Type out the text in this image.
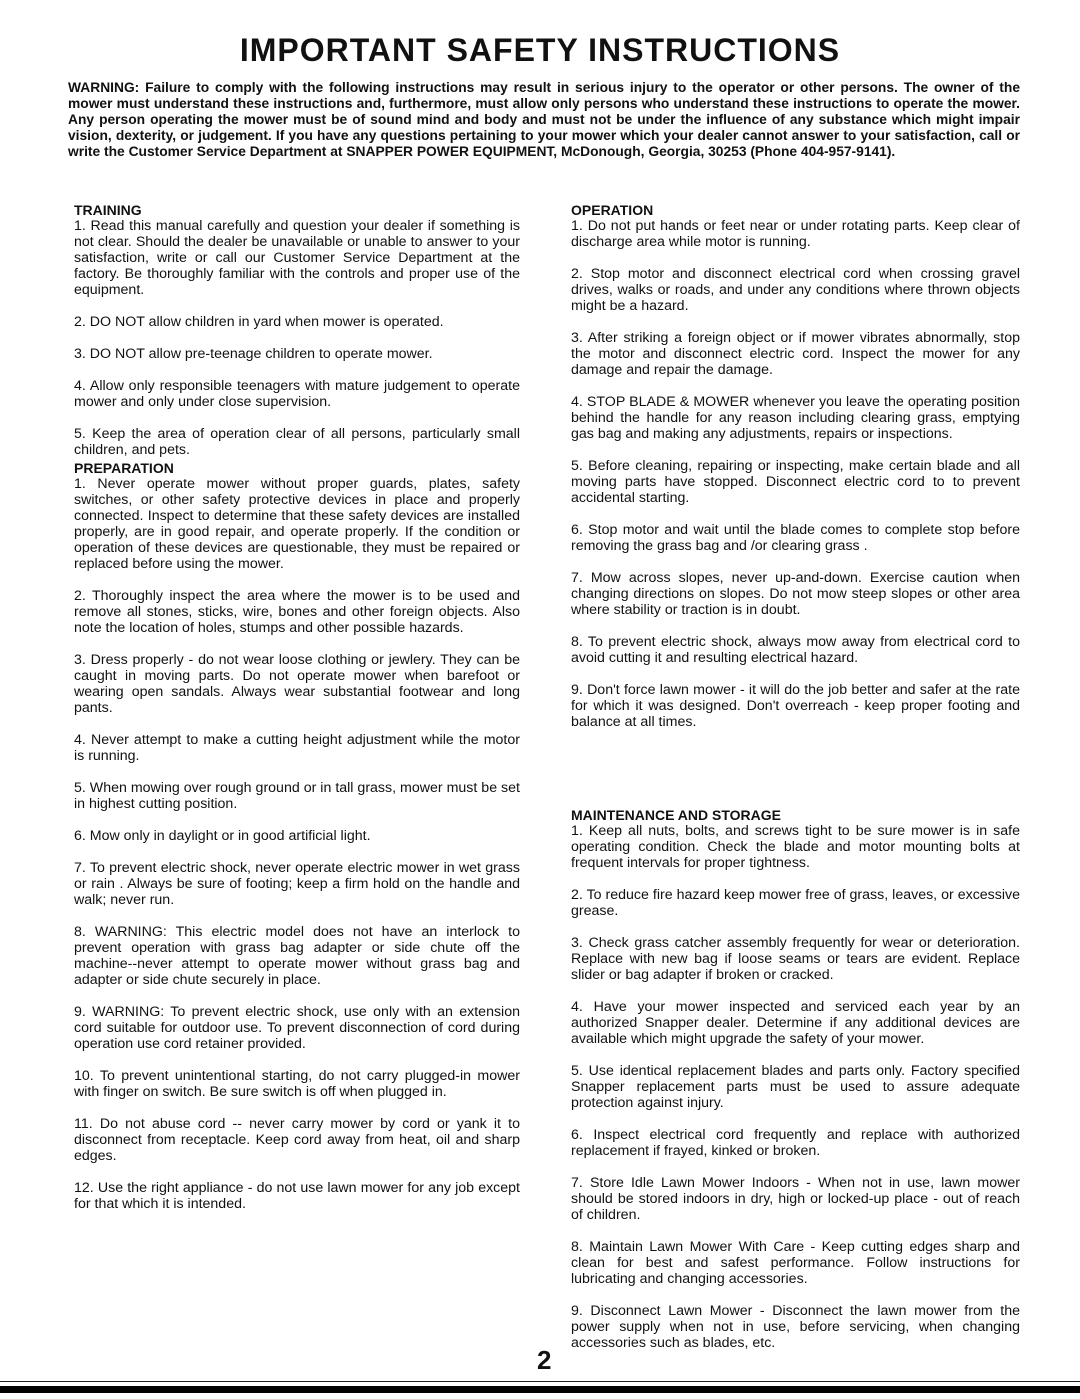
IMPORTANT SAFETY INSTRUCTIONS

WARNING: Failure to comply with the following instructions may result in serious injury to the operator or other persons. The owner of the mower must understand these instructions and, furthermore, must allow only persons who understand these instructions to operate the mower. Any person operating the mower must be of sound mind and body and must not be under the influence of any substance which might impair vision, dexterity, or judgement. If you have any questions pertaining to your mower which your dealer cannot answer to your satisfaction, call or write the Customer Service Department at SNAPPER POWER EQUIPMENT, McDonough, Georgia, 30253 (Phone 404-957-9141).

TRAINING

1. Read this manual carefully and question your dealer if something is not clear. Should the dealer be unavailable or unable to answer to your satisfaction, write or call our Customer Service Department at the factory. Be thoroughly familiar with the controls and proper use of the equipment.

2. DO NOT allow children in yard when mower is operated.

3. DO NOT allow pre-teenage children to operate mower.

4. Allow only responsible teenagers with mature judgement to operate mower and only under close supervision.

5. Keep the area of operation clear of all persons, particularly small children, and pets.

PREPARATION

1. Never operate mower without proper guards, plates, safety switches, or other safety protective devices in place and properly connected. Inspect to determine that these safety devices are installed properly, are in good repair, and operate properly. If the condition or operation of these devices are questionable, they must be repaired or replaced before using the mower.

2. Thoroughly inspect the area where the mower is to be used and remove all stones, sticks, wire, bones and other foreign objects. Also note the location of holes, stumps and other possible hazards.

3. Dress properly - do not wear loose clothing or jewlery. They can be caught in moving parts. Do not operate mower when barefoot or wearing open sandals. Always wear substantial footwear and long pants.

4. Never attempt to make a cutting height adjustment while the motor is running.

5. When mowing over rough ground or in tall grass, mower must be set in highest cutting position.

6. Mow only in daylight or in good artificial light.

7. To prevent electric shock, never operate electric mower in wet grass or rain . Always be sure of footing; keep a firm hold on the handle and walk; never run.

8. WARNING: This electric model does not have an interlock to prevent operation with grass bag adapter or side chute off the machine--never attempt to operate mower without grass bag and adapter or side chute securely in place.

9. WARNING: To prevent electric shock, use only with an extension cord suitable for outdoor use. To prevent disconnection of cord during operation use cord retainer provided.

10. To prevent unintentional starting, do not carry plugged-in mower with finger on switch. Be sure switch is off when plugged in.

11. Do not abuse cord -- never carry mower by cord or yank it to disconnect from receptacle. Keep cord away from heat, oil and sharp edges.

12. Use the right appliance - do not use lawn mower for any job except for that which it is intended.

OPERATION

1. Do not put hands or feet near or under rotating parts. Keep clear of discharge area while motor is running.

2. Stop motor and disconnect electrical cord when crossing gravel drives, walks or roads, and under any conditions where thrown objects might be a hazard.

3. After striking a foreign object or if mower vibrates abnormally, stop the motor and disconnect electric cord. Inspect the mower for any damage and repair the damage.

4. STOP BLADE & MOWER whenever you leave the operating position behind the handle for any reason including clearing grass, emptying gas bag and making any adjustments, repairs or inspections.

5. Before cleaning, repairing or inspecting, make certain blade and all moving parts have stopped. Disconnect electric cord to to prevent accidental starting.

6. Stop motor and wait until the blade comes to complete stop before removing the grass bag and /or clearing grass .

7. Mow across slopes, never up-and-down. Exercise caution when changing directions on slopes. Do not mow steep slopes or other area where stability or traction is in doubt.

8. To prevent electric shock, always mow away from electrical cord to avoid cutting it and resulting electrical hazard.

9. Don't force lawn mower - it will do the job better and safer at the rate for which it was designed. Don't overreach - keep proper footing and balance at all times.

MAINTENANCE AND STORAGE

1. Keep all nuts, bolts, and screws tight to be sure mower is in safe operating condition. Check the blade and motor mounting bolts at frequent intervals for proper tightness.

2. To reduce fire hazard keep mower free of grass, leaves, or excessive grease.

3. Check grass catcher assembly frequently for wear or deterioration. Replace with new bag if loose seams or tears are evident. Replace slider or bag adapter if broken or cracked.

4. Have your mower inspected and serviced each year by an authorized Snapper dealer. Determine if any additional devices are available which might upgrade the safety of your mower.

5. Use identical replacement blades and parts only. Factory specified Snapper replacement parts must be used to assure adequate protection against injury.

6. Inspect electrical cord frequently and replace with authorized replacement if frayed, kinked or broken.

7. Store Idle Lawn Mower Indoors - When not in use, lawn mower should be stored indoors in dry, high or locked-up place - out of reach of children.

8. Maintain Lawn Mower With Care - Keep cutting edges sharp and clean for best and safest performance. Follow instructions for lubricating and changing accessories.

9. Disconnect Lawn Mower - Disconnect the lawn mower from the power supply when not in use, before servicing, when changing accessories such as blades, etc.

2
